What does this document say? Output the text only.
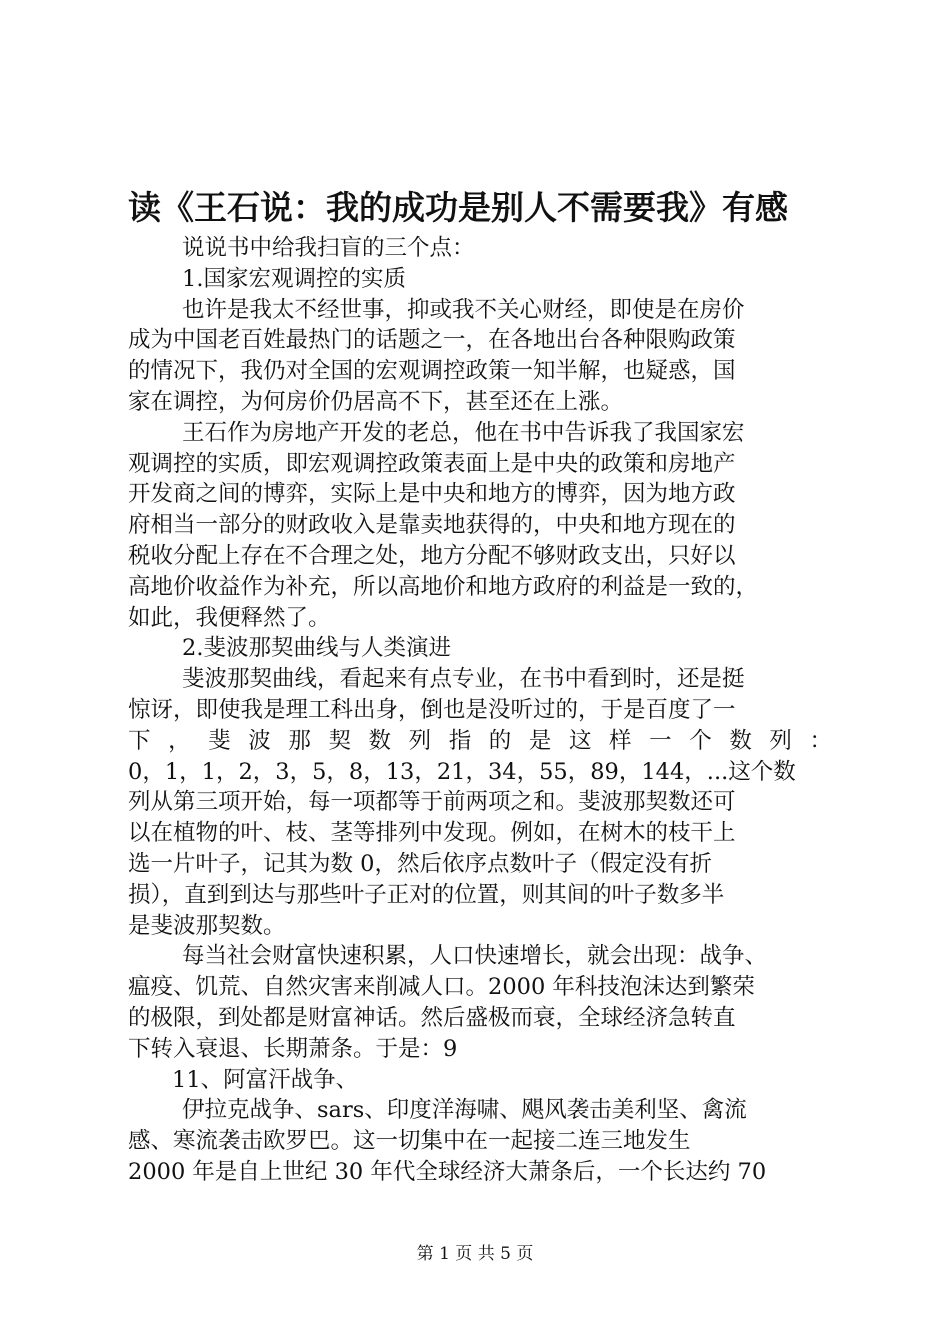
读《王石说：我的成功是别人不需要我》有感
说说书中给我扫盲的三个点：
1.国家宏观调控的实质
也许是我太不经世事，抑或我不关心财经，即使是在房价
成为中国老百姓最热门的话题之一，在各地出台各种限购政策
的情况下，我仍对全国的宏观调控政策一知半解，也疑惑，国
家在调控，为何房价仍居高不下，甚至还在上涨。
王石作为房地产开发的老总，他在书中告诉我了我国家宏
观调控的实质，即宏观调控政策表面上是中央的政策和房地产
开发商之间的博弈，实际上是中央和地方的博弈，因为地方政
府相当一部分的财政收入是靠卖地获得的，中央和地方现在的
税收分配上存在不合理之处，地方分配不够财政支出，只好以
高地价收益作为补充，所以高地价和地方政府的利益是一致的，
如此，我便释然了。
2.斐波那契曲线与人类演进
斐波那契曲线，看起来有点专业，在书中看到时，还是挺
惊讶，即使我是理工科出身，倒也是没听过的，于是百度了一
下 ， 斐 波 那 契 数 列 指 的 是 这 样 一 个 数 列 ：
0，1，1，2，3，5，8，13，21，34，55，89，144，...这个数
列从第三项开始，每一项都等于前两项之和。斐波那契数还可
以在植物的叶、枝、茎等排列中发现。例如，在树木的枝干上
选一片叶子，记其为数 0，然后依序点数叶子（假定没有折
损），直到到达与那些叶子正对的位置，则其间的叶子数多半
是斐波那契数。
每当社会财富快速积累，人口快速增长，就会出现：战争、
瘟疫、饥荒、自然灾害来削减人口。2000 年科技泡沫达到繁荣
的极限，到处都是财富神话。然后盛极而衰，全球经济急转直
下转入衰退、长期萧条。于是：9
11、阿富汗战争、
伊拉克战争、sars、印度洋海啸、飓风袭击美利坚、禽流
感、寒流袭击欧罗巴。这一切集中在一起接二连三地发生
2000 年是自上世纪 30 年代全球经济大萧条后，一个长达约 70
第 1 页 共 5 页
